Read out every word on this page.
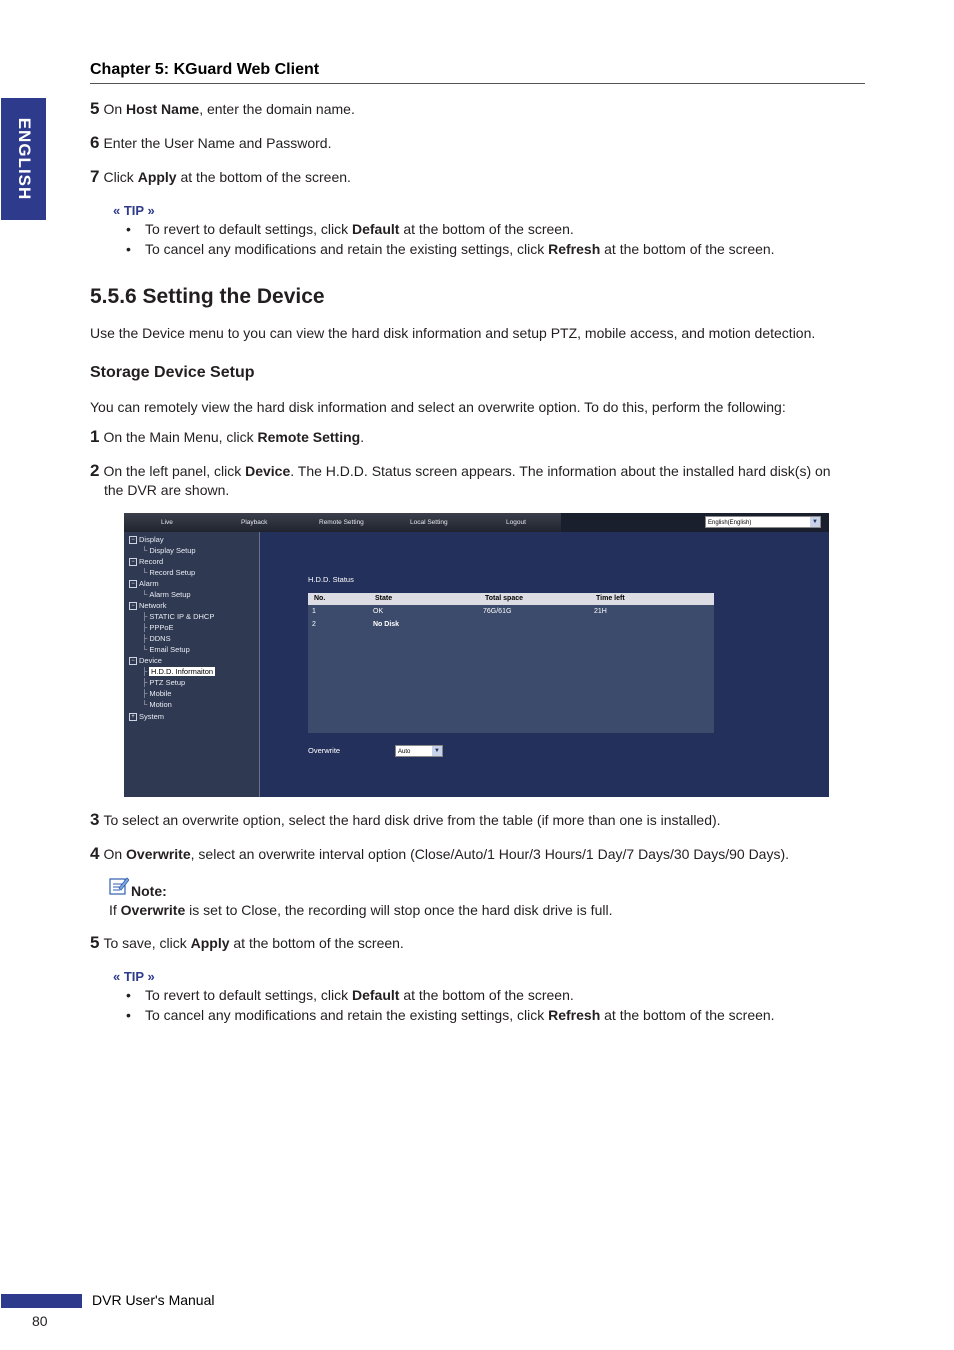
Chapter 5: KGuard Web Client
ENGLISH
5 On Host Name, enter the domain name.
6 Enter the User Name and Password.
7 Click Apply at the bottom of the screen.
« TIP »
• To revert to default settings, click Default at the bottom of the screen.
• To cancel any modifications and retain the existing settings, click Refresh at the bottom of the screen.
5.5.6 Setting the Device
Use the Device menu to you can view the hard disk information and setup PTZ, mobile access, and motion detection.
Storage Device Setup
You can remotely view the hard disk information and select an overwrite option. To do this, perform the following:
1 On the Main Menu, click Remote Setting.
2 On the left panel, click Device. The H.D.D. Status screen appears. The information about the installed hard disk(s) on
the DVR are shown.
Live	Playback	Remote Setting	Local Setting	Logout	English(English)	▼
− Display
└ Display Setup
− Record
└ Record Setup
− Alarm
└ Alarm Setup
− Network
├ STATIC IP & DHCP
├ PPPoE
├ DDNS
└ Email Setup
− Device
├ H.D.D. Informaiton
├ PTZ Setup
├ Mobile
└ Motion
+ System
H.D.D. Status
No.	State	Total space	Time left
1	OK	76G/61G	21H
2	No Disk
Overwrite	Auto	▼
3 To select an overwrite option, select the hard disk drive from the table (if more than one is installed).
4 On Overwrite, select an overwrite interval option (Close/Auto/1 Hour/3 Hours/1 Day/7 Days/30 Days/90 Days).
Note:
If Overwrite is set to Close, the recording will stop once the hard disk drive is full.
5 To save, click Apply at the bottom of the screen.
« TIP »
• To revert to default settings, click Default at the bottom of the screen.
• To cancel any modifications and retain the existing settings, click Refresh at the bottom of the screen.
DVR User's Manual
80
